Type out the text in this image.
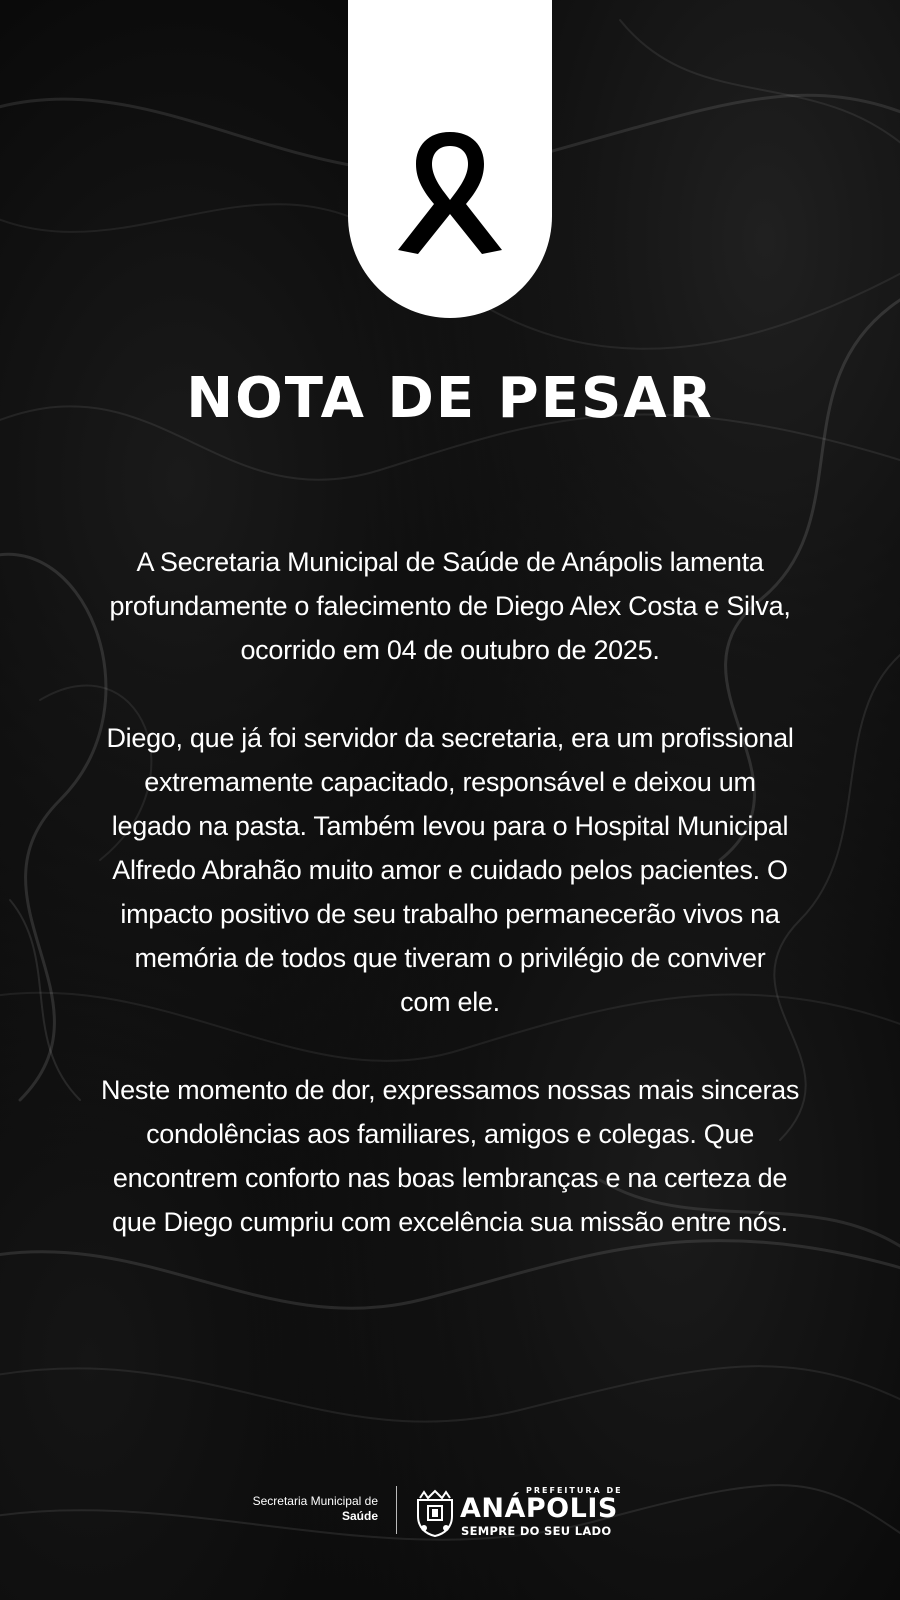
NOTA DE PESAR

A Secretaria Municipal de Saúde de Anápolis lamenta
profundamente o falecimento de Diego Alex Costa e Silva,
ocorrido em 04 de outubro de 2025.

Diego, que já foi servidor da secretaria, era um profissional
extremamente capacitado, responsável e deixou um
legado na pasta. Também levou para o Hospital Municipal
Alfredo Abrahão muito amor e cuidado pelos pacientes. O
impacto positivo de seu trabalho permanecerão vivos na
memória de todos que tiveram o privilégio de conviver
com ele.

Neste momento de dor, expressamos nossas mais sinceras
condolências aos familiares, amigos e colegas. Que
encontrem conforto nas boas lembranças e na certeza de
que Diego cumpriu com excelência sua missão entre nós.

Secretaria Municipal de
Saúde
PREFEITURA DE
ANÁPOLIS
SEMPRE DO SEU LADO
